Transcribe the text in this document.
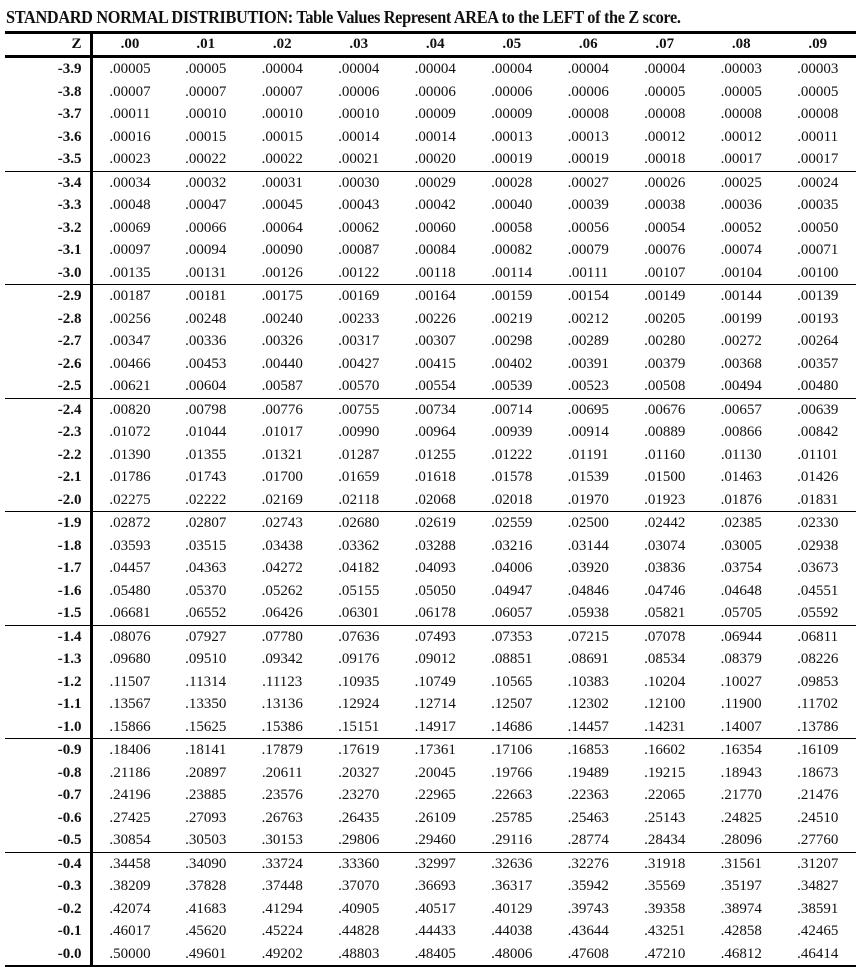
STANDARD NORMAL DISTRIBUTION: Table Values Represent AREA to the LEFT of the Z score.
Z	.00	.01	.02	.03	.04	.05	.06	.07	.08	.09
-3.9	.00005	.00005	.00004	.00004	.00004	.00004	.00004	.00004	.00003	.00003
-3.8	.00007	.00007	.00007	.00006	.00006	.00006	.00006	.00005	.00005	.00005
-3.7	.00011	.00010	.00010	.00010	.00009	.00009	.00008	.00008	.00008	.00008
-3.6	.00016	.00015	.00015	.00014	.00014	.00013	.00013	.00012	.00012	.00011
-3.5	.00023	.00022	.00022	.00021	.00020	.00019	.00019	.00018	.00017	.00017
-3.4	.00034	.00032	.00031	.00030	.00029	.00028	.00027	.00026	.00025	.00024
-3.3	.00048	.00047	.00045	.00043	.00042	.00040	.00039	.00038	.00036	.00035
-3.2	.00069	.00066	.00064	.00062	.00060	.00058	.00056	.00054	.00052	.00050
-3.1	.00097	.00094	.00090	.00087	.00084	.00082	.00079	.00076	.00074	.00071
-3.0	.00135	.00131	.00126	.00122	.00118	.00114	.00111	.00107	.00104	.00100
-2.9	.00187	.00181	.00175	.00169	.00164	.00159	.00154	.00149	.00144	.00139
-2.8	.00256	.00248	.00240	.00233	.00226	.00219	.00212	.00205	.00199	.00193
-2.7	.00347	.00336	.00326	.00317	.00307	.00298	.00289	.00280	.00272	.00264
-2.6	.00466	.00453	.00440	.00427	.00415	.00402	.00391	.00379	.00368	.00357
-2.5	.00621	.00604	.00587	.00570	.00554	.00539	.00523	.00508	.00494	.00480
-2.4	.00820	.00798	.00776	.00755	.00734	.00714	.00695	.00676	.00657	.00639
-2.3	.01072	.01044	.01017	.00990	.00964	.00939	.00914	.00889	.00866	.00842
-2.2	.01390	.01355	.01321	.01287	.01255	.01222	.01191	.01160	.01130	.01101
-2.1	.01786	.01743	.01700	.01659	.01618	.01578	.01539	.01500	.01463	.01426
-2.0	.02275	.02222	.02169	.02118	.02068	.02018	.01970	.01923	.01876	.01831
-1.9	.02872	.02807	.02743	.02680	.02619	.02559	.02500	.02442	.02385	.02330
-1.8	.03593	.03515	.03438	.03362	.03288	.03216	.03144	.03074	.03005	.02938
-1.7	.04457	.04363	.04272	.04182	.04093	.04006	.03920	.03836	.03754	.03673
-1.6	.05480	.05370	.05262	.05155	.05050	.04947	.04846	.04746	.04648	.04551
-1.5	.06681	.06552	.06426	.06301	.06178	.06057	.05938	.05821	.05705	.05592
-1.4	.08076	.07927	.07780	.07636	.07493	.07353	.07215	.07078	.06944	.06811
-1.3	.09680	.09510	.09342	.09176	.09012	.08851	.08691	.08534	.08379	.08226
-1.2	.11507	.11314	.11123	.10935	.10749	.10565	.10383	.10204	.10027	.09853
-1.1	.13567	.13350	.13136	.12924	.12714	.12507	.12302	.12100	.11900	.11702
-1.0	.15866	.15625	.15386	.15151	.14917	.14686	.14457	.14231	.14007	.13786
-0.9	.18406	.18141	.17879	.17619	.17361	.17106	.16853	.16602	.16354	.16109
-0.8	.21186	.20897	.20611	.20327	.20045	.19766	.19489	.19215	.18943	.18673
-0.7	.24196	.23885	.23576	.23270	.22965	.22663	.22363	.22065	.21770	.21476
-0.6	.27425	.27093	.26763	.26435	.26109	.25785	.25463	.25143	.24825	.24510
-0.5	.30854	.30503	.30153	.29806	.29460	.29116	.28774	.28434	.28096	.27760
-0.4	.34458	.34090	.33724	.33360	.32997	.32636	.32276	.31918	.31561	.31207
-0.3	.38209	.37828	.37448	.37070	.36693	.36317	.35942	.35569	.35197	.34827
-0.2	.42074	.41683	.41294	.40905	.40517	.40129	.39743	.39358	.38974	.38591
-0.1	.46017	.45620	.45224	.44828	.44433	.44038	.43644	.43251	.42858	.42465
-0.0	.50000	.49601	.49202	.48803	.48405	.48006	.47608	.47210	.46812	.46414
